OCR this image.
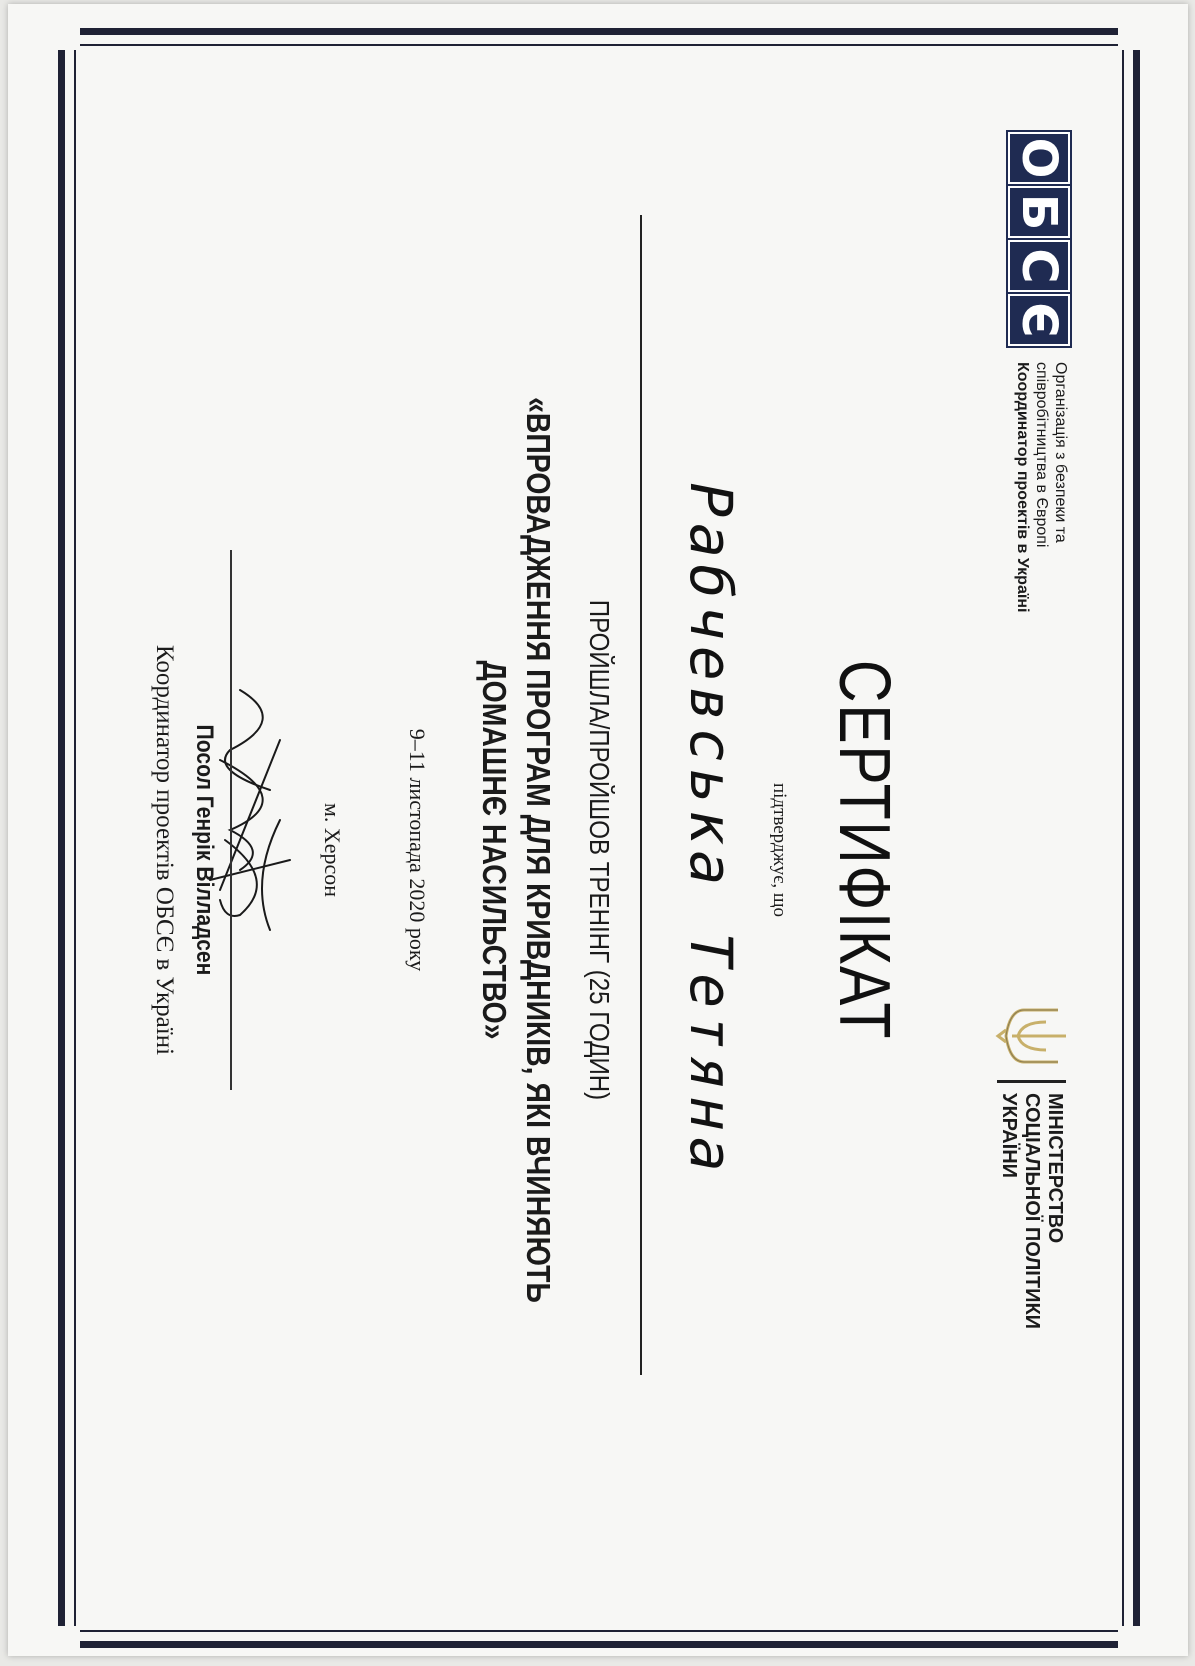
О
Б
С
Є
Організація з безпеки та
співробітництва в Європі
Координатор проектів в Україні
МІНІСТЕРСТВО
СОЦІАЛЬНОЇ ПОЛІТИКИ
УКРАЇНИ
СЕРТИФІКАТ
підтверджує, що
Рабчевська Тетяна
ПРОЙШЛА/ПРОЙШОВ ТРЕНІНГ (25 ГОДИН)
«ВПРОВАДЖЕННЯ ПРОГРАМ ДЛЯ КРИВДНИКІВ, ЯКІ ВЧИНЯЮТЬ
ДОМАШНЄ НАСИЛЬСТВО»
9–11 листопада 2020 року
м. Херсон
Посол Генрік Вілладсен
Координатор проектів ОБСЄ в Україні
